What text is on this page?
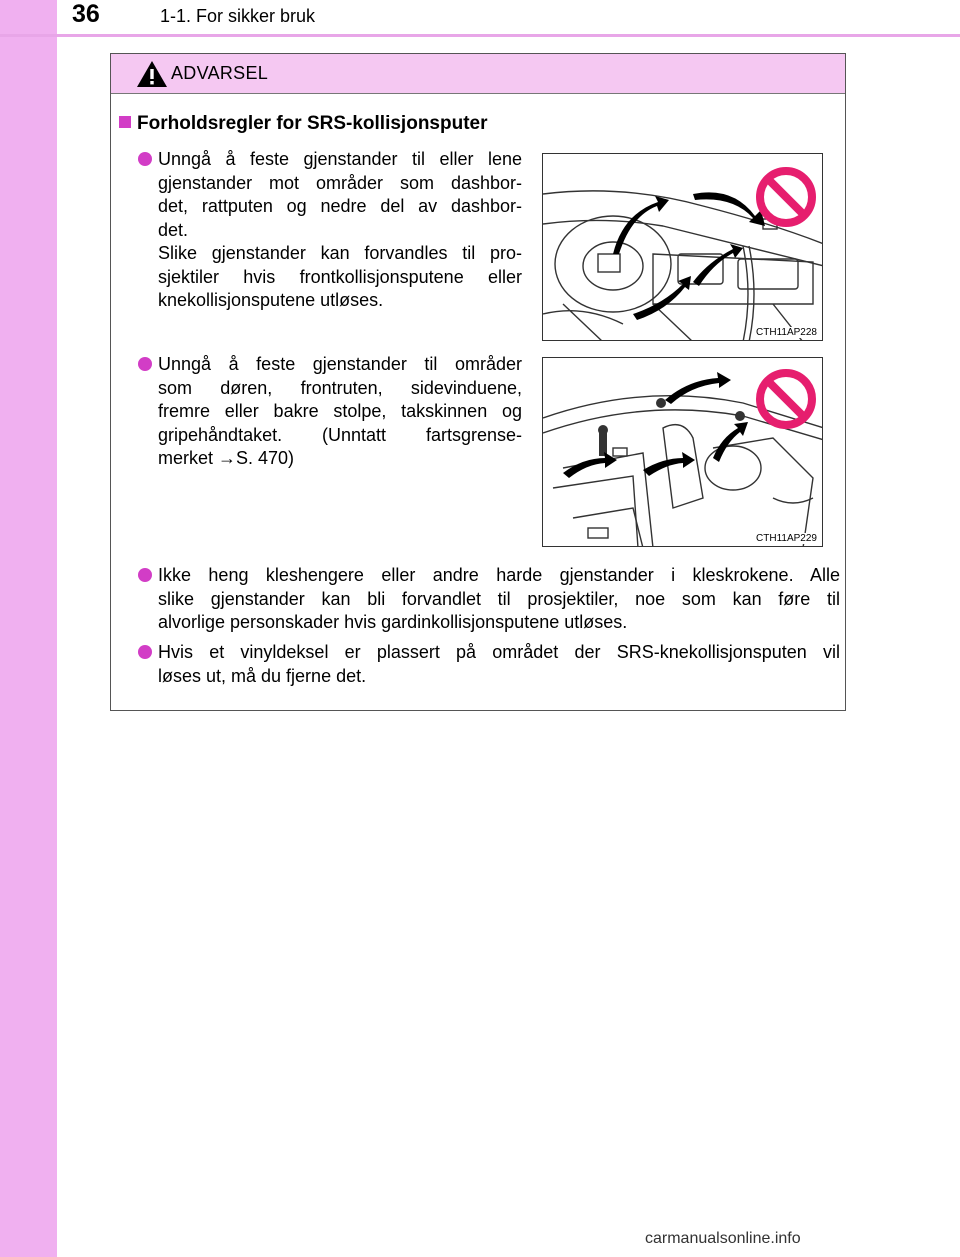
36	1-1. For sikker bruk
ADVARSEL
Forholdsregler for SRS-kollisjonsputer
Unngå å feste gjenstander til eller lene
gjenstander mot områder som dashbor-
det, rattputen og nedre del av dashbor-
det.
Slike gjenstander kan forvandles til pro-
sjektiler hvis frontkollisjonsputene eller
knekollisjonsputene utløses.
CTH11AP228
Unngå å feste gjenstander til områder
som døren, frontruten, sidevinduene,
fremre eller bakre stolpe, takskinnen og
gripehåndtaket. (Unntatt fartsgrense-
merket →S. 470)
CTH11AP229
Ikke heng kleshengere eller andre harde gjenstander i kleskrokene. Alle
slike gjenstander kan bli forvandlet til prosjektiler, noe som kan føre til
alvorlige personskader hvis gardinkollisjonsputene utløses.
Hvis et vinyldeksel er plassert på området der SRS-knekollisjonsputen vil
løses ut, må du fjerne det.
carmanualsonline.info
